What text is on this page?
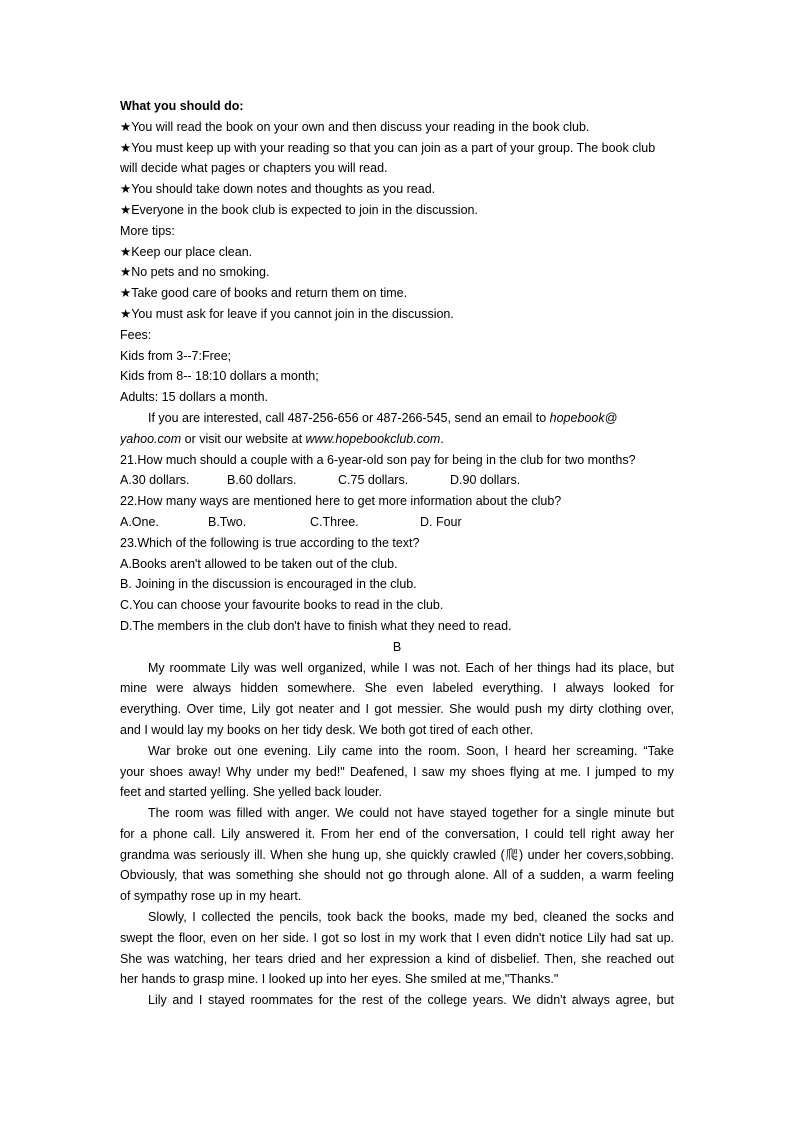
What you should do:
★You will read the book on your own and then discuss your reading in the book club.
★You must keep up with your reading so that you can join as a part of your group. The book club
will decide what pages or chapters you will read.
★You should take down notes and thoughts as you read.
★Everyone in the book club is expected to join in the discussion.
More tips:
★Keep our place clean.
★No pets and no smoking.
★Take good care of books and return them on time.
★You must ask for leave if you cannot join in the discussion.
Fees:
Kids from 3--7:Free;
Kids from 8-- 18:10 dollars a month;
Adults: 15 dollars a month.
If you are interested, call 487-256-656 or 487-266-545, send an email to hopebook@
yahoo.com or visit our website at www.hopebookclub.com.
21.How much should a couple with a 6-year-old son pay for being in the club for two months?
A.30 dollars.	B.60 dollars.	C.75 dollars.	D.90 dollars.
22.How many ways are mentioned here to get more information about the club?
A.One.	B.Two.	C.Three.	D. Four
23.Which of the following is true according to the text?
A.Books aren't allowed to be taken out of the club.
B. Joining in the discussion is encouraged in the club.
C.You can choose your favourite books to read in the club.
D.The members in the club don't have to finish what they need to read.
B
My roommate Lily was well organized, while I was not. Each of her things had its place, but
mine were always hidden somewhere. She even labeled everything. I always looked for
everything. Over time, Lily got neater and I got messier. She would push my dirty clothing over,
and I would lay my books on her tidy desk. We both got tired of each other.
War broke out one evening. Lily came into the room. Soon, I heard her screaming. “Take
your shoes away! Why under my bed!" Deafened, I saw my shoes flying at me. I jumped to my
feet and started yelling. She yelled back louder.
The room was filled with anger. We could not have stayed together for a single minute but
for a phone call. Lily answered it. From her end of the conversation, I could tell right away her
grandma was seriously ill. When she hung up, she quickly crawled (爬) under her covers,sobbing.
Obviously, that was something she should not go through alone. All of a sudden, a warm feeling
of sympathy rose up in my heart.
Slowly, I collected the pencils, took back the books, made my bed, cleaned the socks and
swept the floor, even on her side. I got so lost in my work that I even didn't notice Lily had sat up.
She was watching, her tears dried and her expression a kind of disbelief. Then, she reached out
her hands to grasp mine. I looked up into her eyes. She smiled at me,"Thanks."
Lily and I stayed roommates for the rest of the college years. We didn't always agree, but
